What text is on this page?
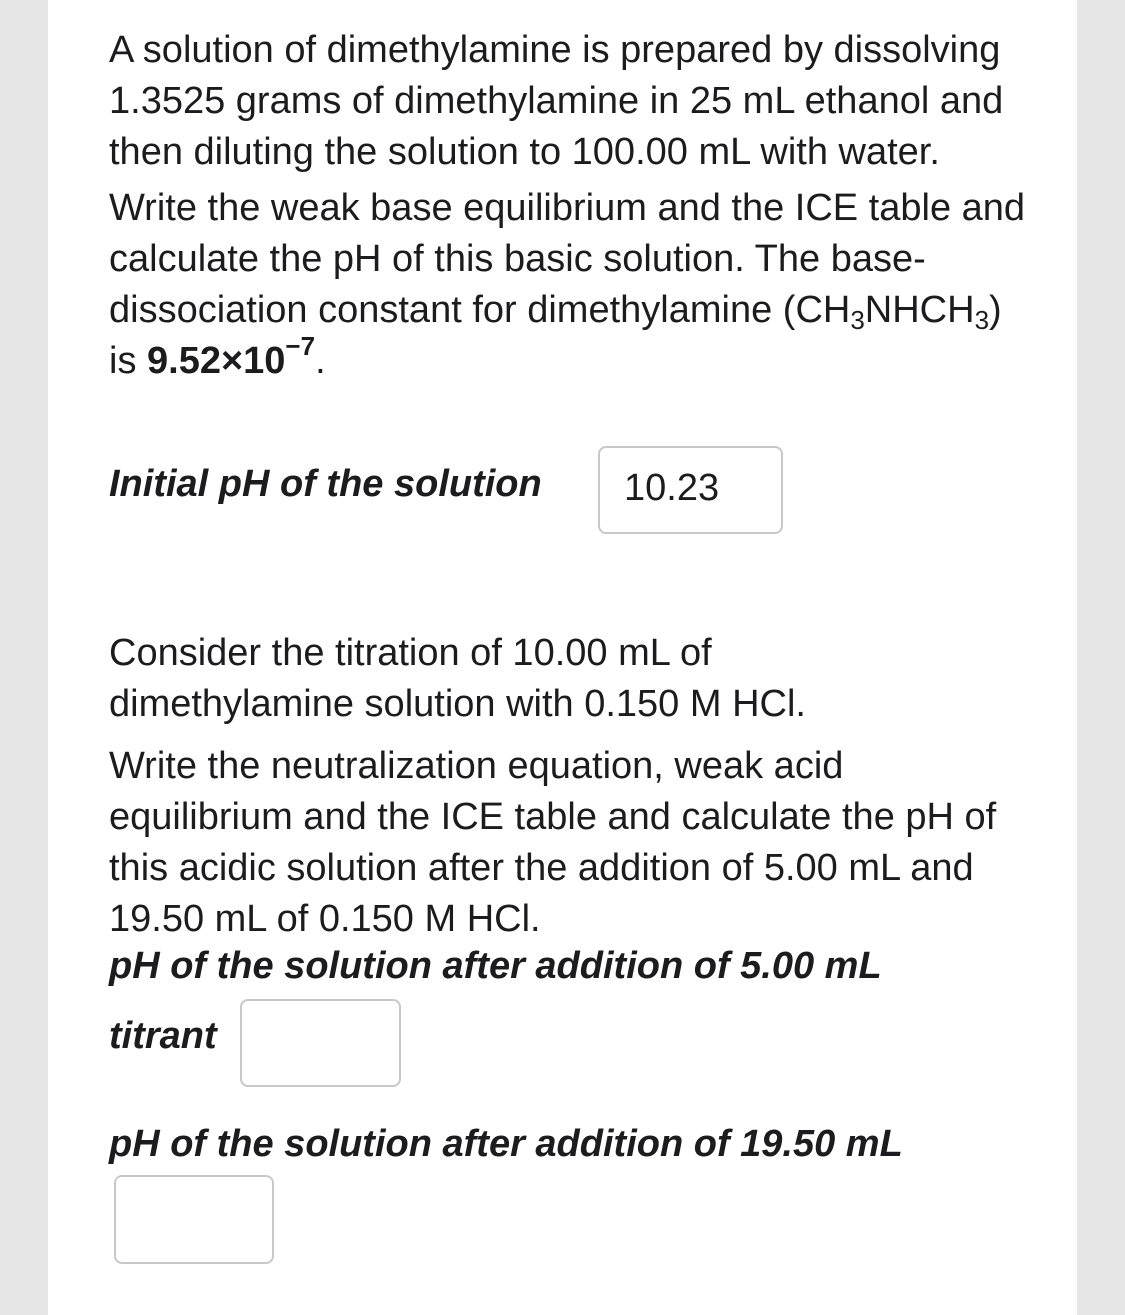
A solution of dimethylamine is prepared by dissolving 1.3525 grams of dimethylamine in 25 mL ethanol and then diluting the solution to 100.00 mL with water.

Write the weak base equilibrium and the ICE table and calculate the pH of this basic solution. The base-dissociation constant for dimethylamine $(CH_3NHCH_3)$ is $9.52\times 10^{-7}$.

Initial pH of the solution	10.23

Consider the titration of 10.00 mL of dimethylamine solution with 0.150 M HCl.

Write the neutralization equation, weak acid equilibrium and the ICE table and calculate the pH of this acidic solution after the addition of 5.00 mL and 19.50 mL of 0.150 M HCl.

pH of the solution after addition of 5.00 mL
titrant
pH of the solution after addition of 19.50 mL
